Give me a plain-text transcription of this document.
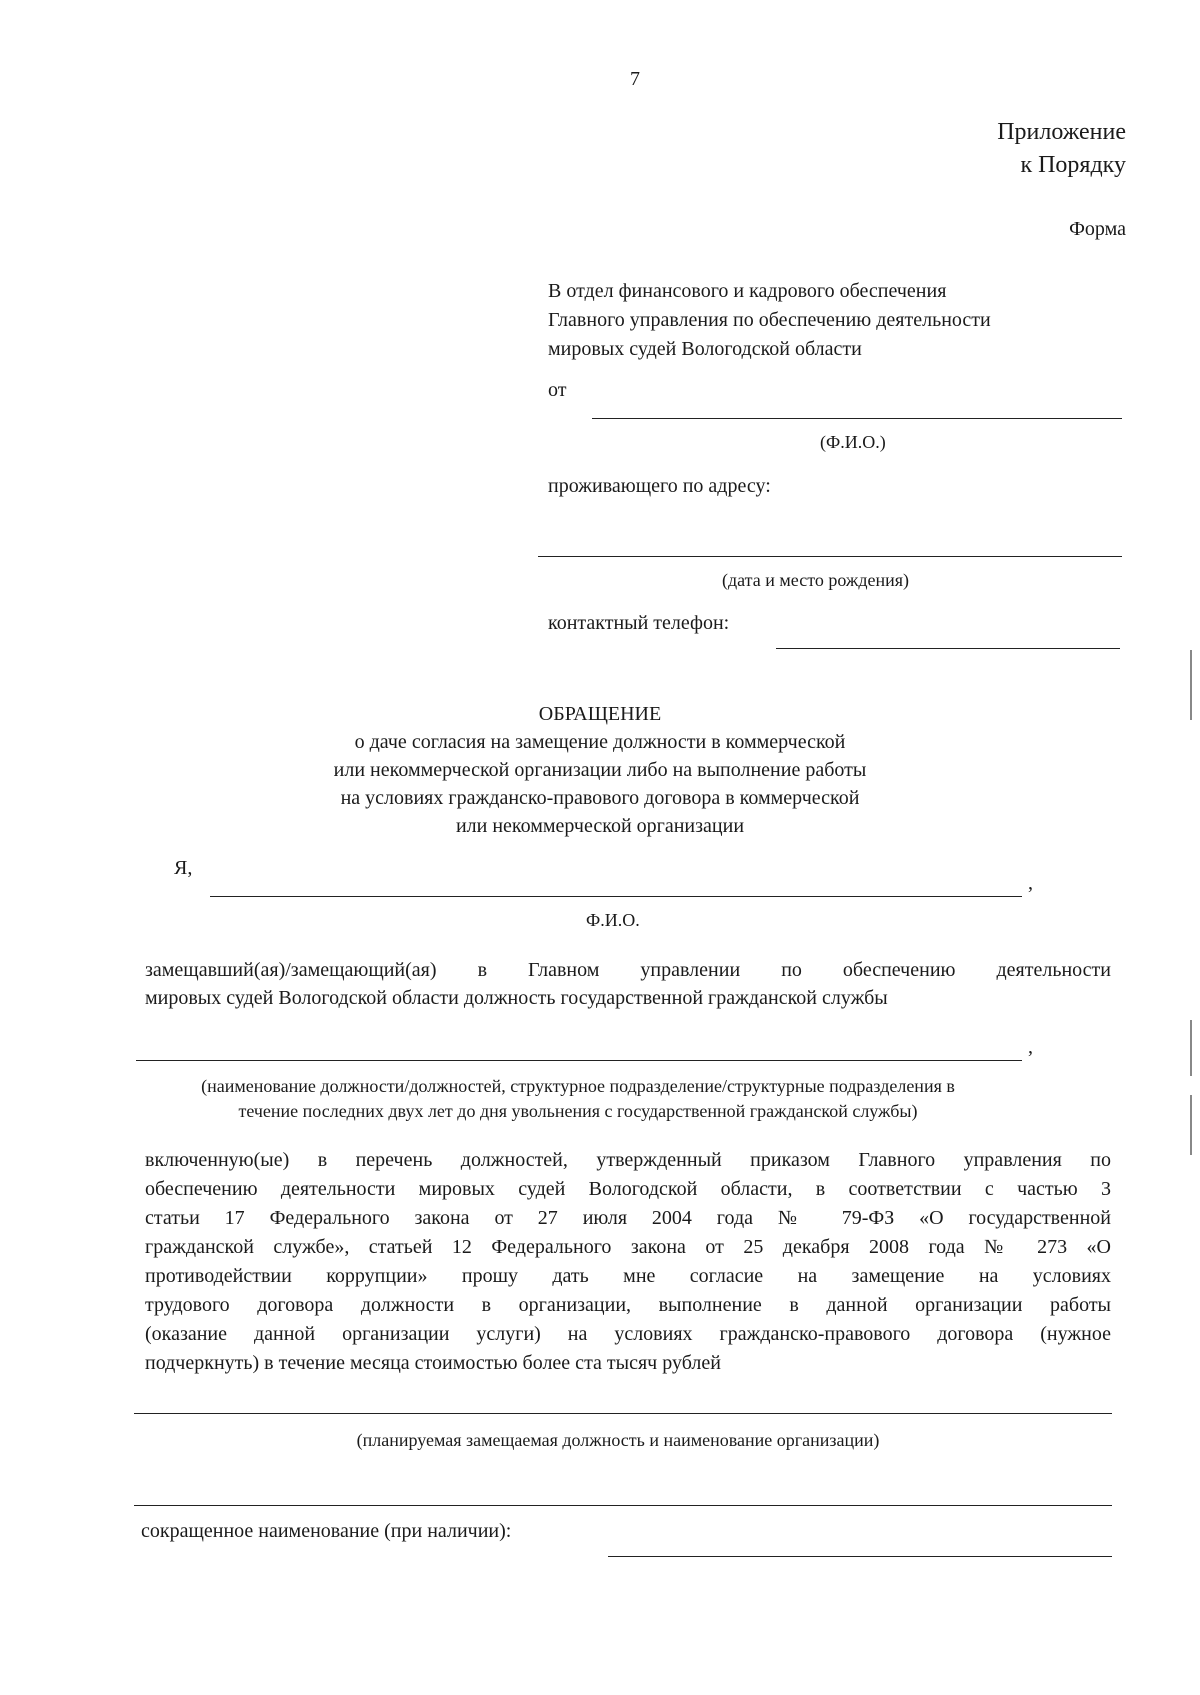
7
Приложение
к Порядку
Форма
В отдел финансового и кадрового обеспечения
Главного управления по обеспечению деятельности
мировых судей Вологодской области
от
(Ф.И.О.)
проживающего по адресу:
(дата и место рождения)
контактный телефон:
ОБРАЩЕНИЕ
о даче согласия на замещение должности в коммерческой
или некоммерческой организации либо на выполнение работы
на условиях гражданско-правового договора в коммерческой
или некоммерческой организации
Я,
,
Ф.И.О.
замещавший(ая)/замещающий(ая) в Главном управлении по обеспечению деятельности
мировых судей Вологодской области должность государственной гражданской службы
,
(наименование должности/должностей, структурное подразделение/структурные подразделения в
течение последних двух лет до дня увольнения с государственной гражданской службы)
включенную(ые) в перечень должностей, утвержденный приказом Главного управления по
обеспечению деятельности мировых судей Вологодской области, в соответствии с частью 3
статьи 17 Федерального закона от 27 июля 2004 года № 79-ФЗ «О государственной
гражданской службе», статьей 12 Федерального закона от 25 декабря 2008 года № 273 «О
противодействии коррупции» прошу дать мне согласие на замещение на условиях
трудового договора должности в организации, выполнение в данной организации работы
(оказание данной организации услуги) на условиях гражданско-правового договора (нужное
подчеркнуть) в течение месяца стоимостью более ста тысяч рублей
(планируемая замещаемая должность и наименование организации)
сокращенное наименование (при наличии):
